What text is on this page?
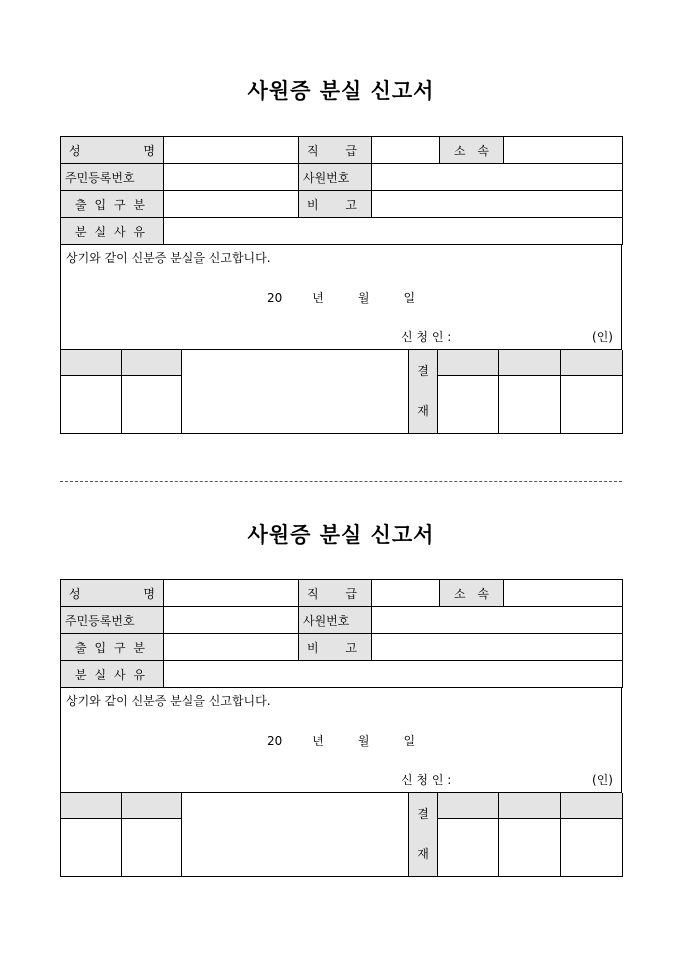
사원증 분실 신고서
성 명		직 급		소 속	

주민등록번호		사원번호			

출 입 구 분		비 고			

분 실 사 유					

상기와 같이 신분증 분실을 신고합니다.
20	년	월	일
신 청 인 :	(인)

			결
재			

사원증 분실 신고서
성 명		직 급		소 속	

주민등록번호		사원번호			

출 입 구 분		비 고			

분 실 사 유					

상기와 같이 신분증 분실을 신고합니다.
20	년	월	일
신 청 인 :	(인)

			결
재			
